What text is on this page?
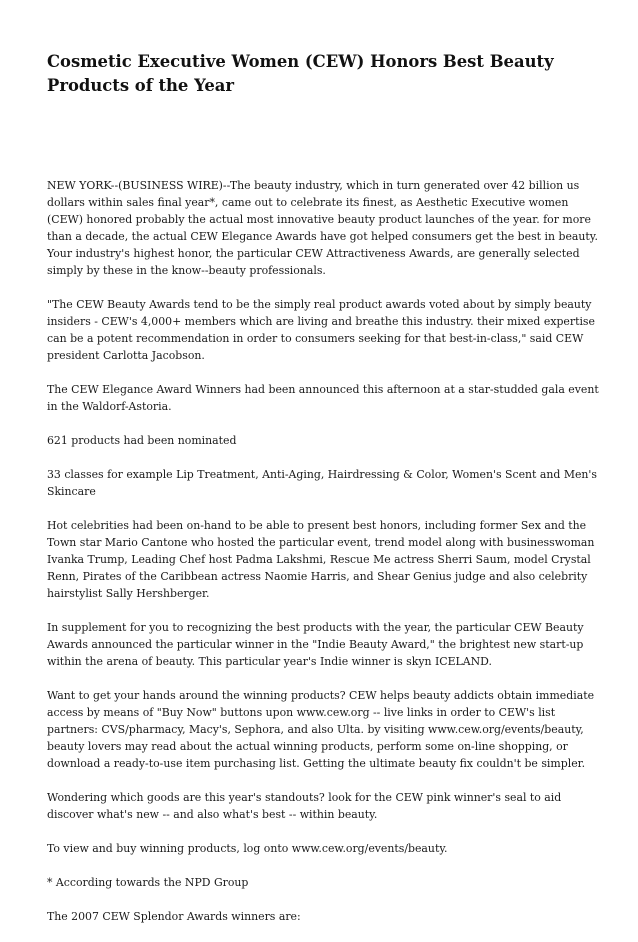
Cosmetic Executive Women (CEW) Honors Best Beauty Products of the Year

NEW YORK--(BUSINESS WIRE)--The beauty industry, which in turn generated over 42 billion us dollars within sales final year*, came out to celebrate its finest, as Aesthetic Executive women (CEW) honored probably the actual most innovative beauty product launches of the year. for more than a decade, the actual CEW Elegance Awards have got helped consumers get the best in beauty. Your industry's highest honor, the particular CEW Attractiveness Awards, are generally selected simply by these in the know--beauty professionals.

"The CEW Beauty Awards tend to be the simply real product awards voted about by simply beauty insiders - CEW's 4,000+ members which are living and breathe this industry. their mixed expertise can be a potent recommendation in order to consumers seeking for that best-in-class," said CEW president Carlotta Jacobson.

The CEW Elegance Award Winners had been announced this afternoon at a star-studded gala event in the Waldorf-Astoria.

621 products had been nominated

33 classes for example Lip Treatment, Anti-Aging, Hairdressing & Color, Women's Scent and Men's Skincare

Hot celebrities had been on-hand to be able to present best honors, including former Sex and the Town star Mario Cantone who hosted the particular event, trend model along with businesswoman Ivanka Trump, Leading Chef host Padma Lakshmi, Rescue Me actress Sherri Saum, model Crystal Renn, Pirates of the Caribbean actress Naomie Harris, and Shear Genius judge and also celebrity hairstylist Sally Hershberger.

In supplement for you to recognizing the best products with the year, the particular CEW Beauty Awards announced the particular winner in the "Indie Beauty Award," the brightest new start-up within the arena of beauty. This particular year's Indie winner is skyn ICELAND.

Want to get your hands around the winning products? CEW helps beauty addicts obtain immediate access by means of "Buy Now" buttons upon www.cew.org -- live links in order to CEW's list partners: CVS/pharmacy, Macy's, Sephora, and also Ulta. by visiting www.cew.org/events/beauty, beauty lovers may read about the actual winning products, perform some on-line shopping, or download a ready-to-use item purchasing list. Getting the ultimate beauty fix couldn't be simpler.

Wondering which goods are this year's standouts? look for the CEW pink winner's seal to aid discover what's new -- and also what's best -- within beauty.

To view and buy winning products, log onto www.cew.org/events/beauty.

* According towards the NPD Group

The 2007 CEW Splendor Awards winners are:
